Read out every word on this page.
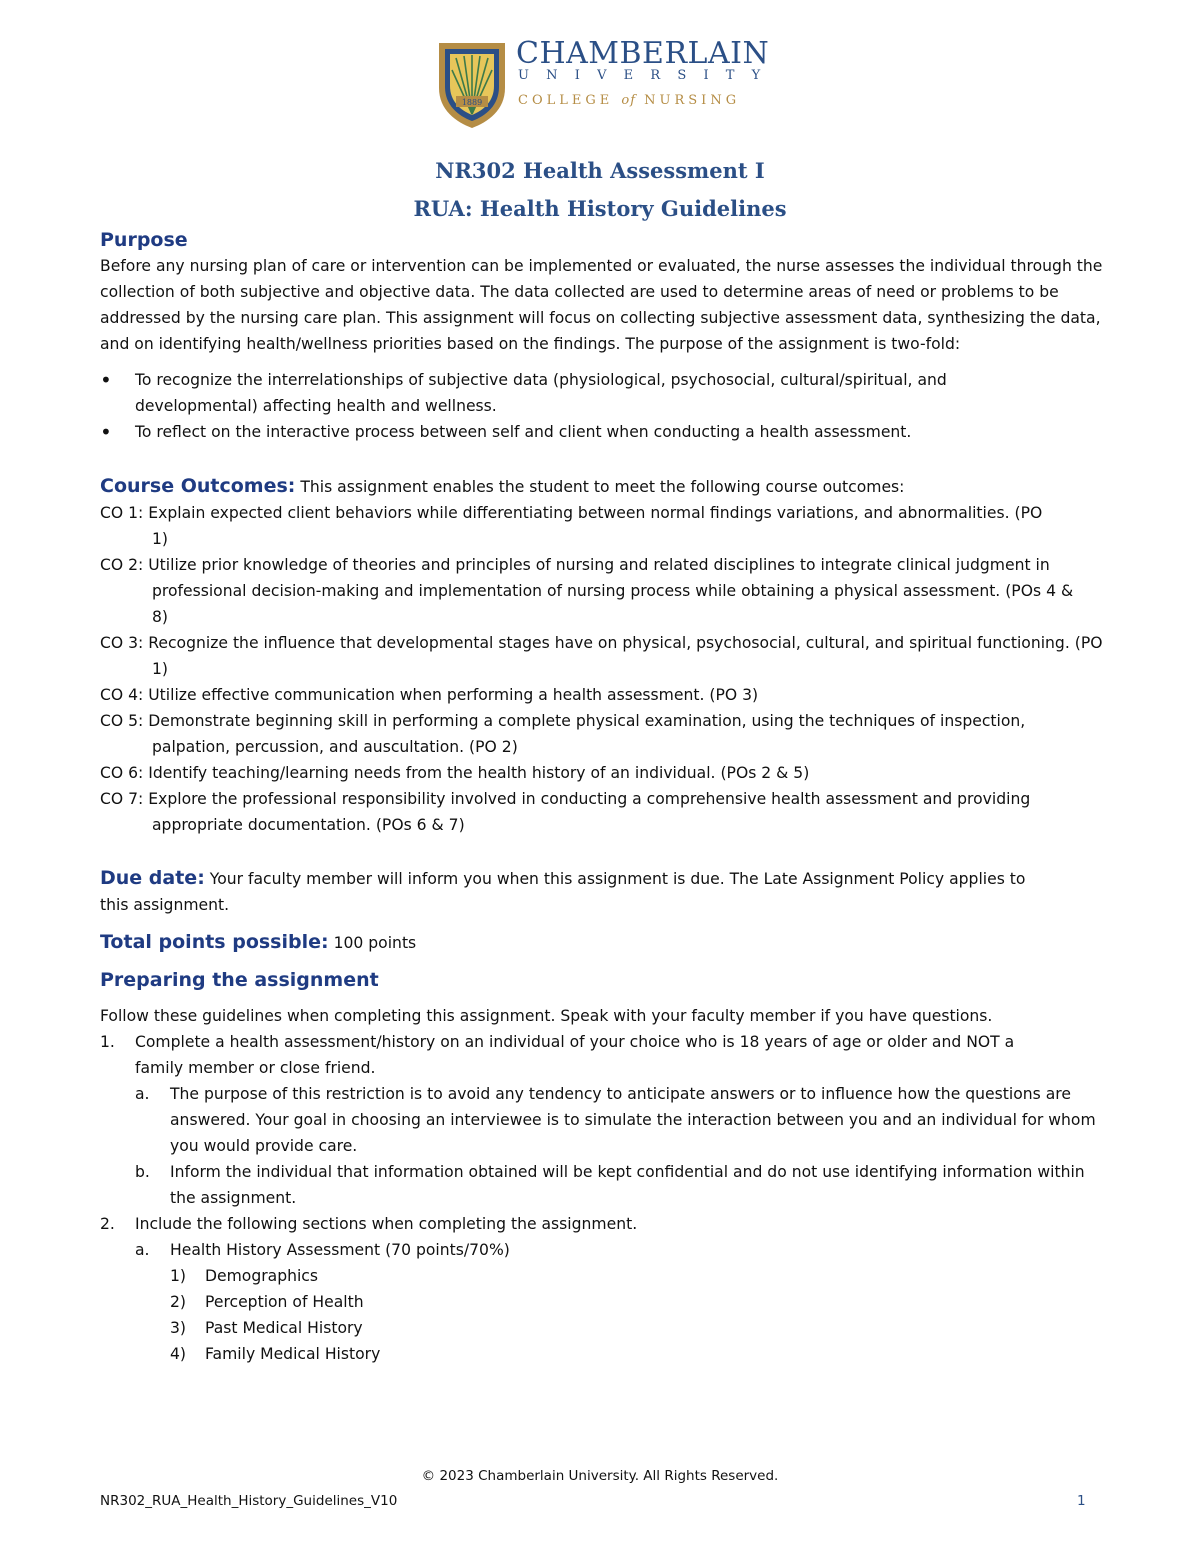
1889
CHAMBERLAIN
UNIVERSITY
COLLEGE of NURSING
NR302 Health Assessment I
RUA: Health History Guidelines
Purpose

Before any nursing plan of care or intervention can be implemented or evaluated, the nurse assesses the individual through the collection of both subjective and objective data. The data collected are used to determine areas of need or problems to be addressed by the nursing care plan. This assignment will focus on collecting subjective assessment data, synthesizing the data, and on identifying health/wellness priorities based on the findings. The purpose of the assignment is two-fold:

• To recognize the interrelationships of subjective data (physiological, psychosocial, cultural/spiritual, and developmental) affecting health and wellness.
• To reflect on the interactive process between self and client when conducting a health assessment.
Course Outcomes: This assignment enables the student to meet the following course outcomes:
CO 1: Explain expected client behaviors while differentiating between normal findings variations, and abnormalities. (PO 1)
CO 2: Utilize prior knowledge of theories and principles of nursing and related disciplines to integrate clinical judgment in professional decision-making and implementation of nursing process while obtaining a physical assessment. (POs 4 & 8)
CO 3: Recognize the influence that developmental stages have on physical, psychosocial, cultural, and spiritual functioning. (PO 1)
CO 4: Utilize effective communication when performing a health assessment. (PO 3)
CO 5: Demonstrate beginning skill in performing a complete physical examination, using the techniques of inspection, palpation, percussion, and auscultation. (PO 2)
CO 6: Identify teaching/learning needs from the health history of an individual. (POs 2 & 5)
CO 7: Explore the professional responsibility involved in conducting a comprehensive health assessment and providing appropriate documentation. (POs 6 & 7)
Due date: Your faculty member will inform you when this assignment is due. The Late Assignment Policy applies to this assignment.
Total points possible: 100 points
Preparing the assignment

Follow these guidelines when completing this assignment. Speak with your faculty member if you have questions.

1. Complete a health assessment/history on an individual of your choice who is 18 years of age or older and NOT a family member or close friend.
a. The purpose of this restriction is to avoid any tendency to anticipate answers or to influence how the questions are answered. Your goal in choosing an interviewee is to simulate the interaction between you and an individual for whom you would provide care.
b. Inform the individual that information obtained will be kept confidential and do not use identifying information within the assignment.
2. Include the following sections when completing the assignment.
a. Health History Assessment (70 points/70%)
1) Demographics
2) Perception of Health
3) Past Medical History
4) Family Medical History
© 2023 Chamberlain University. All Rights Reserved.
NR302_RUA_Health_History_Guidelines_V10	1
